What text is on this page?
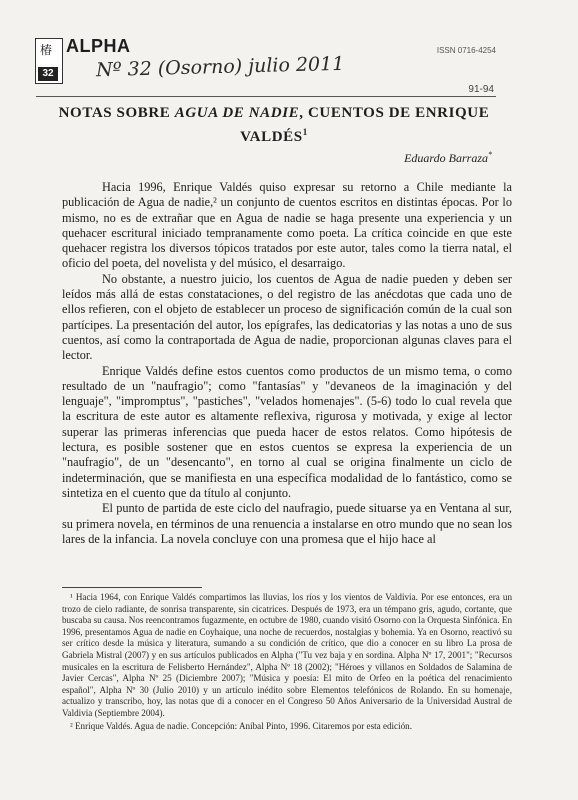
椿
32
ALPHA	ISSN 0716-4254
Nº 32 (Osorno) julio 2011
91-94
NOTAS SOBRE AGUA DE NADIE, CUENTOS DE ENRIQUE VALDÉS$^1$
Eduardo Barraza*

Hacia 1996, Enrique Valdés quiso expresar su retorno a Chile mediante la publicación de Agua de nadie,² un conjunto de cuentos escritos en distintas épocas. Por lo mismo, no es de extrañar que en Agua de nadie se haga presente una experiencia y un quehacer escritural iniciado tempranamente como poeta. La crítica coincide en que este quehacer registra los diversos tópicos tratados por este autor, tales como la tierra natal, el oficio del poeta, del novelista y del músico, el desarraigo.

No obstante, a nuestro juicio, los cuentos de Agua de nadie pueden y deben ser leídos más allá de estas constataciones, o del registro de las anécdotas que cada uno de ellos refieren, con el objeto de establecer un proceso de significación común de la cual son partícipes. La presentación del autor, los epígrafes, las dedicatorias y las notas a uno de sus cuentos, así como la contraportada de Agua de nadie, proporcionan algunas claves para el lector.

Enrique Valdés define estos cuentos como productos de un mismo tema, o como resultado de un "naufragio"; como "fantasías" y "devaneos de la imaginación y del lenguaje", "impromptus", "pastiches", "velados homenajes". (5-6) todo lo cual revela que la escritura de este autor es altamente reflexiva, rigurosa y motivada, y exige al lector superar las primeras inferencias que pueda hacer de estos relatos. Como hipótesis de lectura, es posible sostener que en estos cuentos se expresa la experiencia de un "naufragio", de un "desencanto", en torno al cual se origina finalmente un ciclo de indeterminación, que se manifiesta en una específica modalidad de lo fantástico, como se sintetiza en el cuento que da título al conjunto.

El punto de partida de este ciclo del naufragio, puede situarse ya en Ventana al sur, su primera novela, en términos de una renuencia a instalarse en otro mundo que no sean los lares de la infancia. La novela concluye con una promesa que el hijo hace al

¹ Hacia 1964, con Enrique Valdés compartimos las lluvias, los ríos y los vientos de Valdivia. Por ese entonces, era un trozo de cielo radiante, de sonrisa transparente, sin cicatrices. Después de 1973, era un témpano gris, agudo, cortante, que buscaba su causa. Nos reencontramos fugazmente, en octubre de 1980, cuando visitó Osorno con la Orquesta Sinfónica. En 1996, presentamos Agua de nadie en Coyhaique, una noche de recuerdos, nostalgias y bohemia. Ya en Osorno, reactivó su ser crítico desde la música y literatura, sumando a su condición de crítico, que dio a conocer en su libro La prosa de Gabriela Mistral (2007) y en sus artículos publicados en Alpha ("Tu vez baja y en sordina. Alpha Nº 17, 2001"; "Recursos musicales en la escritura de Felisberto Hernández", Alpha Nº 18 (2002); "Héroes y villanos en Soldados de Salamina de Javier Cercas", Alpha Nº 25 (Diciembre 2007); "Música y poesía: El mito de Orfeo en la poética del renacimiento español", Alpha Nº 30 (Julio 2010) y un artículo inédito sobre Elementos telefónicos de Rolando. En su homenaje, actualizo y transcribo, hoy, las notas que di a conocer en el Congreso 50 Años Aniversario de la Universidad Austral de Valdivia (Septiembre 2004).

² Enrique Valdés. Agua de nadie. Concepción: Aníbal Pinto, 1996. Citaremos por esta edición.
